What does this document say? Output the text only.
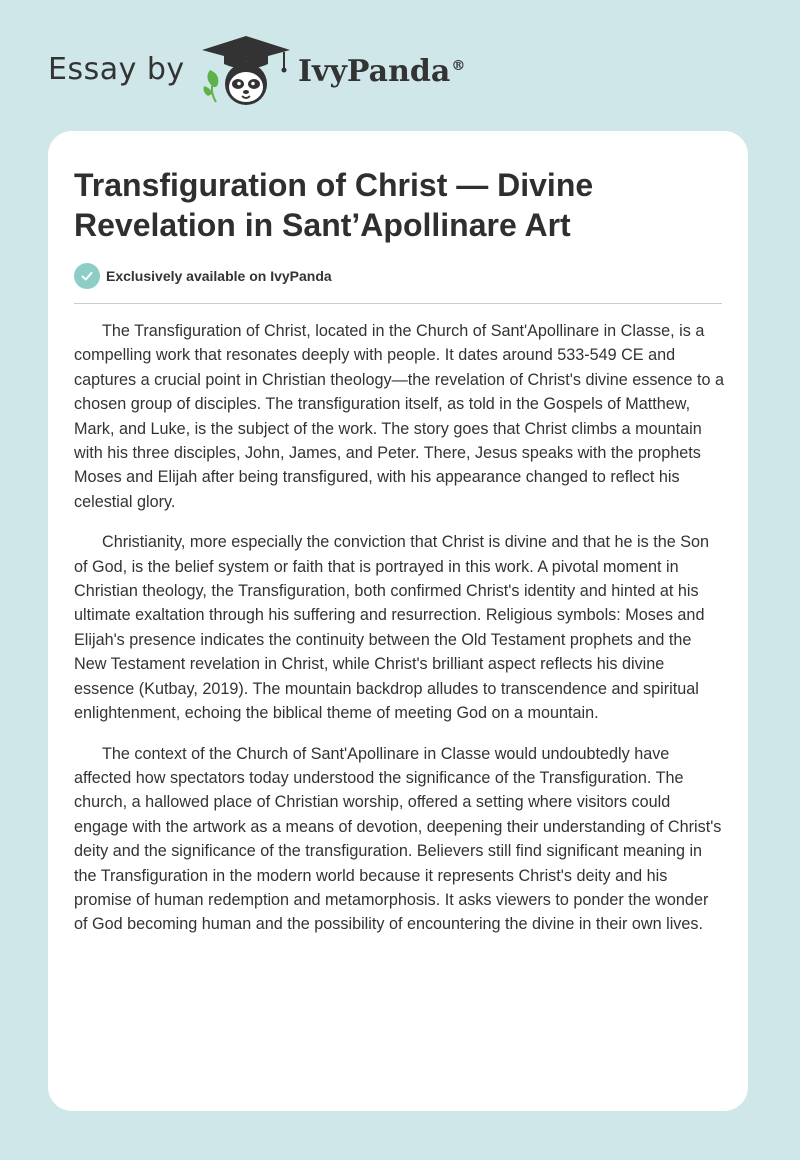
Essay by	IvyPanda®
Transfiguration of Christ — Divine Revelation in Sant’Apollinare Art
Exclusively available on IvyPanda

The Transfiguration of Christ, located in the Church of Sant'Apollinare in Classe, is a compelling work that resonates deeply with people. It dates around 533-549 CE and captures a crucial point in Christian theology—the revelation of Christ's divine essence to a chosen group of disciples. The transfiguration itself, as told in the Gospels of Matthew, Mark, and Luke, is the subject of the work. The story goes that Christ climbs a mountain with his three disciples, John, James, and Peter. There, Jesus speaks with the prophets Moses and Elijah after being transfigured, with his appearance changed to reflect his celestial glory.

Christianity, more especially the conviction that Christ is divine and that he is the Son of God, is the belief system or faith that is portrayed in this work. A pivotal moment in Christian theology, the Transfiguration, both confirmed Christ's identity and hinted at his ultimate exaltation through his suffering and resurrection. Religious symbols: Moses and Elijah's presence indicates the continuity between the Old Testament prophets and the New Testament revelation in Christ, while Christ's brilliant aspect reflects his divine essence (Kutbay, 2019). The mountain backdrop alludes to transcendence and spiritual enlightenment, echoing the biblical theme of meeting God on a mountain.

The context of the Church of Sant'Apollinare in Classe would undoubtedly have affected how spectators today understood the significance of the Transfiguration. The church, a hallowed place of Christian worship, offered a setting where visitors could engage with the artwork as a means of devotion, deepening their understanding of Christ's deity and the significance of the transfiguration. Believers still find significant meaning in the Transfiguration in the modern world because it represents Christ's deity and his promise of human redemption and metamorphosis. It asks viewers to ponder the wonder of God becoming human and the possibility of encountering the divine in their own lives.
